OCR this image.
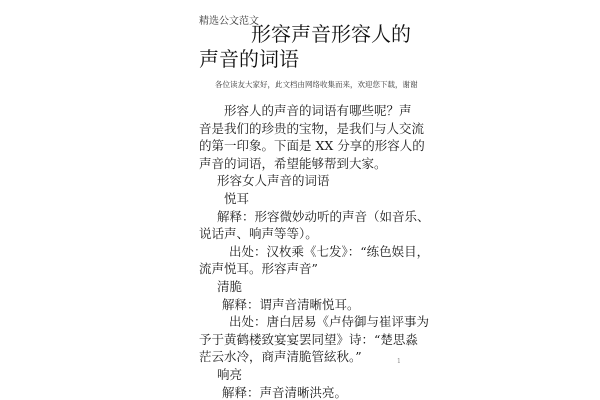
精选公文范文
形容声音形容人的
声音的词语
各位读友大家好，此文档由网络收集而来，欢迎您下载，谢谢
形容人的声音的词语有哪些呢？声
音是我们的珍贵的宝物，是我们与人交流
的第一印象。下面是 XX 分享的形容人的
声音的词语，希望能够帮到大家。
形容女人声音的词语
悦耳
解释：形容微妙动听的声音（如音乐、
说话声、响声等等）。
出处：汉枚乘《七发》：“练色娱目，
流声悦耳。形容声音”
清脆
解释：谓声音清晰悦耳。
出处：唐白居易《卢侍御与崔评事为
予于黄鹤楼致宴宴罢同望》诗：“楚思淼
茫云水冷，商声清脆管絃秋。”
响亮
解释：声音清晰洪亮。
1
